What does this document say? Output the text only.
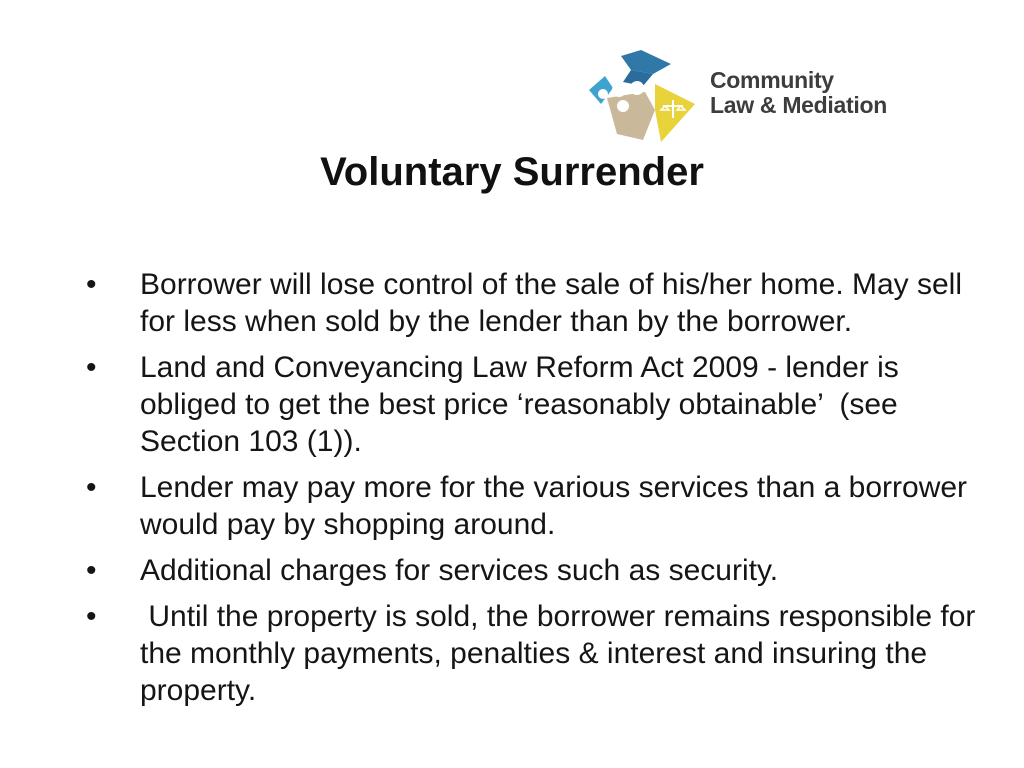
Community
Law & Mediation
Voluntary Surrender
• Borrower will lose control of the sale of his/her home. May sell for less when sold by the lender than by the borrower.
• Land and Conveyancing Law Reform Act 2009 - lender is obliged to get the best price ‘reasonably obtainable’  (see Section 103 (1)).
• Lender may pay more for the various services than a borrower would pay by shopping around.
• Additional charges for services such as security.
• Until the property is sold, the borrower remains responsible for the monthly payments, penalties & interest and insuring the property.
